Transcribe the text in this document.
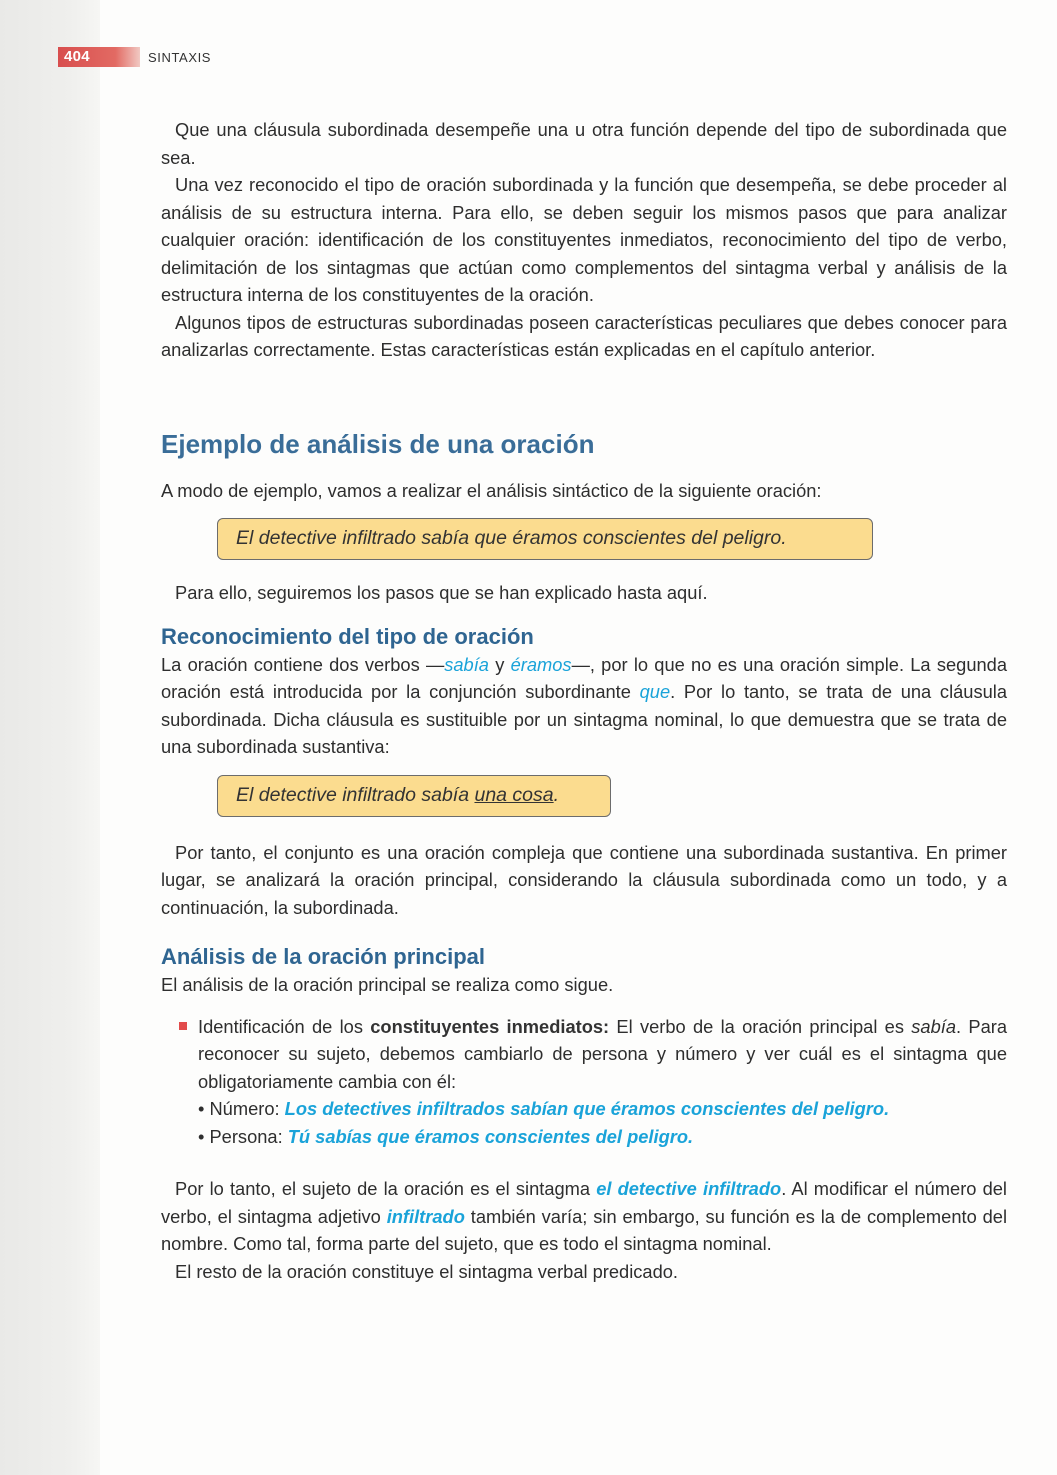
404	SINTAXIS

Que una cláusula subordinada desempeñe una u otra función depende del tipo de subordinada que sea.

Una vez reconocido el tipo de oración subordinada y la función que desempeña, se debe proceder al análisis de su estructura interna. Para ello, se deben seguir los mismos pasos que para analizar cualquier oración: identificación de los constituyentes inmediatos, reconocimiento del tipo de verbo, delimitación de los sintagmas que actúan como complementos del sintagma verbal y análisis de la estructura interna de los constituyentes de la oración.

Algunos tipos de estructuras subordinadas poseen características peculiares que debes conocer para analizarlas correctamente. Estas características están explicadas en el capítulo anterior.

Ejemplo de análisis de una oración

A modo de ejemplo, vamos a realizar el análisis sintáctico de la siguiente oración:

El detective infiltrado sabía que éramos conscientes del peligro.

Para ello, seguiremos los pasos que se han explicado hasta aquí.

Reconocimiento del tipo de oración

La oración contiene dos verbos —sabía y éramos—, por lo que no es una oración simple. La segunda oración está introducida por la conjunción subordinante que. Por lo tanto, se trata de una cláusula subordinada. Dicha cláusula es sustituible por un sintagma nominal, lo que demuestra que se trata de una subordinada sustantiva:

El detective infiltrado sabía una cosa.

Por tanto, el conjunto es una oración compleja que contiene una subordinada sustantiva. En primer lugar, se analizará la oración principal, considerando la cláusula subordinada como un todo, y a continuación, la subordinada.

Análisis de la oración principal

El análisis de la oración principal se realiza como sigue.

Identificación de los constituyentes inmediatos: El verbo de la oración principal es sabía. Para reconocer su sujeto, debemos cambiarlo de persona y número y ver cuál es el sintagma que obligatoriamente cambia con él:

• Número: Los detectives infiltrados sabían que éramos conscientes del peligro.

• Persona: Tú sabías que éramos conscientes del peligro.

Por lo tanto, el sujeto de la oración es el sintagma el detective infiltrado. Al modificar el número del verbo, el sintagma adjetivo infiltrado también varía; sin embargo, su función es la de complemento del nombre. Como tal, forma parte del sujeto, que es todo el sintagma nominal.

El resto de la oración constituye el sintagma verbal predicado.
